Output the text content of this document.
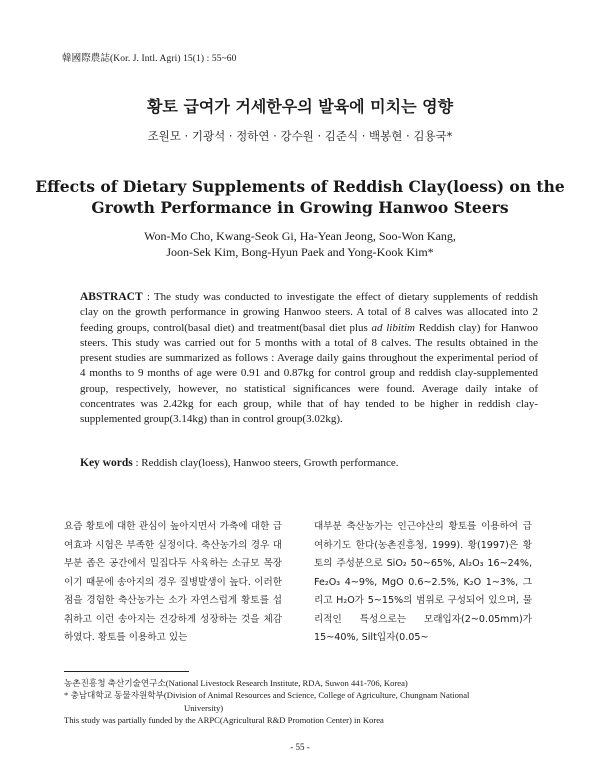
韓國際農誌(Kor. J. Intl. Agri) 15(1) : 55~60
황토 급여가 거세한우의 발육에 미치는 영향
조원모 · 기광석 · 정하연 · 강수원 · 김준식 · 백봉현 · 김용국*
Effects of Dietary Supplements of Reddish Clay(loess) on the
Growth Performance in Growing Hanwoo Steers
Won-Mo Cho, Kwang-Seok Gi, Ha-Yean Jeong, Soo-Won Kang,
Joon-Sek Kim, Bong-Hyun Paek and Yong-Kook Kim*
ABSTRACT : The study was conducted to investigate the effect of dietary supplements of reddish clay on the growth performance in growing Hanwoo steers. A total of 8 calves was allocated into 2 feeding groups, control(basal diet) and treatment(basal diet plus ad libitim Reddish clay) for Hanwoo steers. This study was carried out for 5 months with a total of 8 calves. The results obtained in the present studies are summarized as follows : Average daily gains throughout the experimental period of 4 months to 9 months of age were 0.91 and 0.87kg for control group and reddish clay-supplemented group, respectively, however, no statistical significances were found. Average daily intake of concentrates was 2.42kg for each group, while that of hay tended to be higher in reddish clay-supplemented group(3.14kg) than in control group(3.02kg).
Key words : Reddish clay(loess), Hanwoo steers, Growth performance.
요즘 황토에 대한 관심이 높아지면서 가축에 대한 급여효과 시험은 부족한 실정이다. 축산농가의 경우 대부분 좁은 공간에서 밀집다두 사육하는 소규모 목장이기 때문에 송아지의 경우 질병발생이 높다. 이러한 점을 경험한 축산농가는 소가 자연스럽게 황토를 섭취하고 이런 송아지는 건강하게 성장하는 것을 체감하였다. 황토를 이용하고 있는
대부분 축산농가는 인근야산의 황토를 이용하여 급여하기도 한다(농촌진흥청, 1999). 황(1997)은 황토의 주성분으로 SiO₂ 50~65%, Al₂O₃ 16~24%, Fe₂O₃ 4~9%, MgO 0.6~2.5%, K₂O 1~3%, 그리고 H₂O가 5~15%의 범위로 구성되어 있으며, 물리적인 특성으로는 모래입자(2~0.05mm)가 15~40%, Silt입자(0.05~
농촌진흥청 축산기술연구소(National Livestock Research Institute, RDA, Suwon 441-706, Korea)
* 충남대학교 동물자원학부(Division of Animal Resources and Science, College of Agriculture, Chungnam National
University)
This study was partially funded by the ARPC(Agricultural R&D Promotion Center) in Korea
- 55 -
